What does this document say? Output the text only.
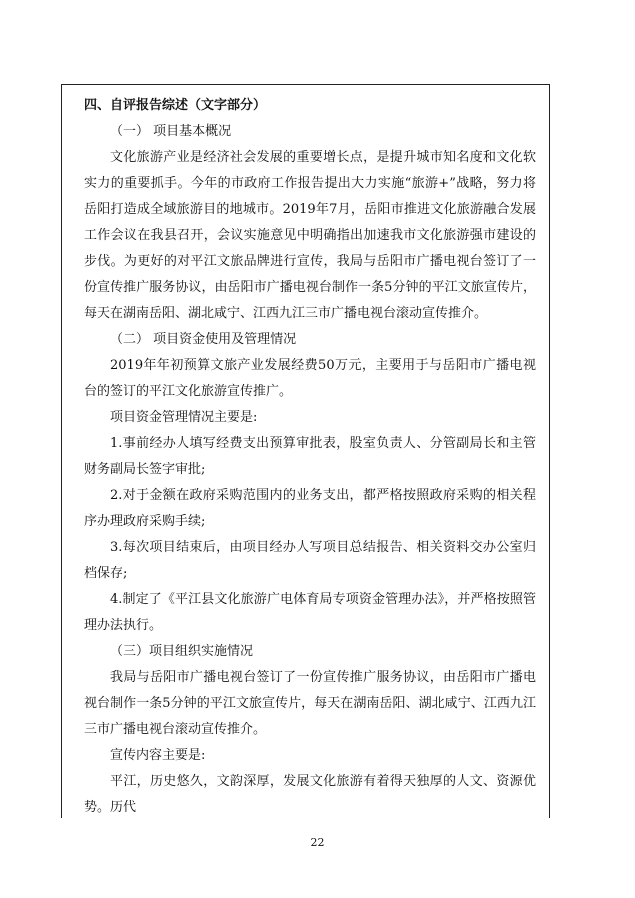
四、自评报告综述（文字部分）

（一） 项目基本概况

文化旅游产业是经济社会发展的重要增长点，是提升城市知名度和文化软实力的重要抓手。今年的市政府工作报告提出大力实施“旅游+”战略，努力将岳阳打造成全域旅游目的地城市。2019年7月，岳阳市推进文化旅游融合发展工作会议在我县召开，会议实施意见中明确指出加速我市文化旅游强市建设的步伐。为更好的对平江文旅品牌进行宣传，我局与岳阳市广播电视台签订了一份宣传推广服务协议，由岳阳市广播电视台制作一条5分钟的平江文旅宣传片，每天在湖南岳阳、湖北咸宁、江西九江三市广播电视台滚动宣传推介。

（二） 项目资金使用及管理情况

2019年年初预算文旅产业发展经费50万元，主要用于与岳阳市广播电视台的签订的平江文化旅游宣传推广。

项目资金管理情况主要是:

1.事前经办人填写经费支出预算审批表，股室负责人、分管副局长和主管财务副局长签字审批;

2.对于金额在政府采购范围内的业务支出，都严格按照政府采购的相关程序办理政府采购手续;

3.每次项目结束后，由项目经办人写项目总结报告、相关资料交办公室归档保存;

4.制定了《平江县文化旅游广电体育局专项资金管理办法》，并严格按照管理办法执行。

（三）项目组织实施情况

我局与岳阳市广播电视台签订了一份宣传推广服务协议，由岳阳市广播电视台制作一条5分钟的平江文旅宣传片，每天在湖南岳阳、湖北咸宁、江西九江三市广播电视台滚动宣传推介。

宣传内容主要是:

平江，历史悠久，文韵深厚，发展文化旅游有着得天独厚的人文、资源优势。历代

22
